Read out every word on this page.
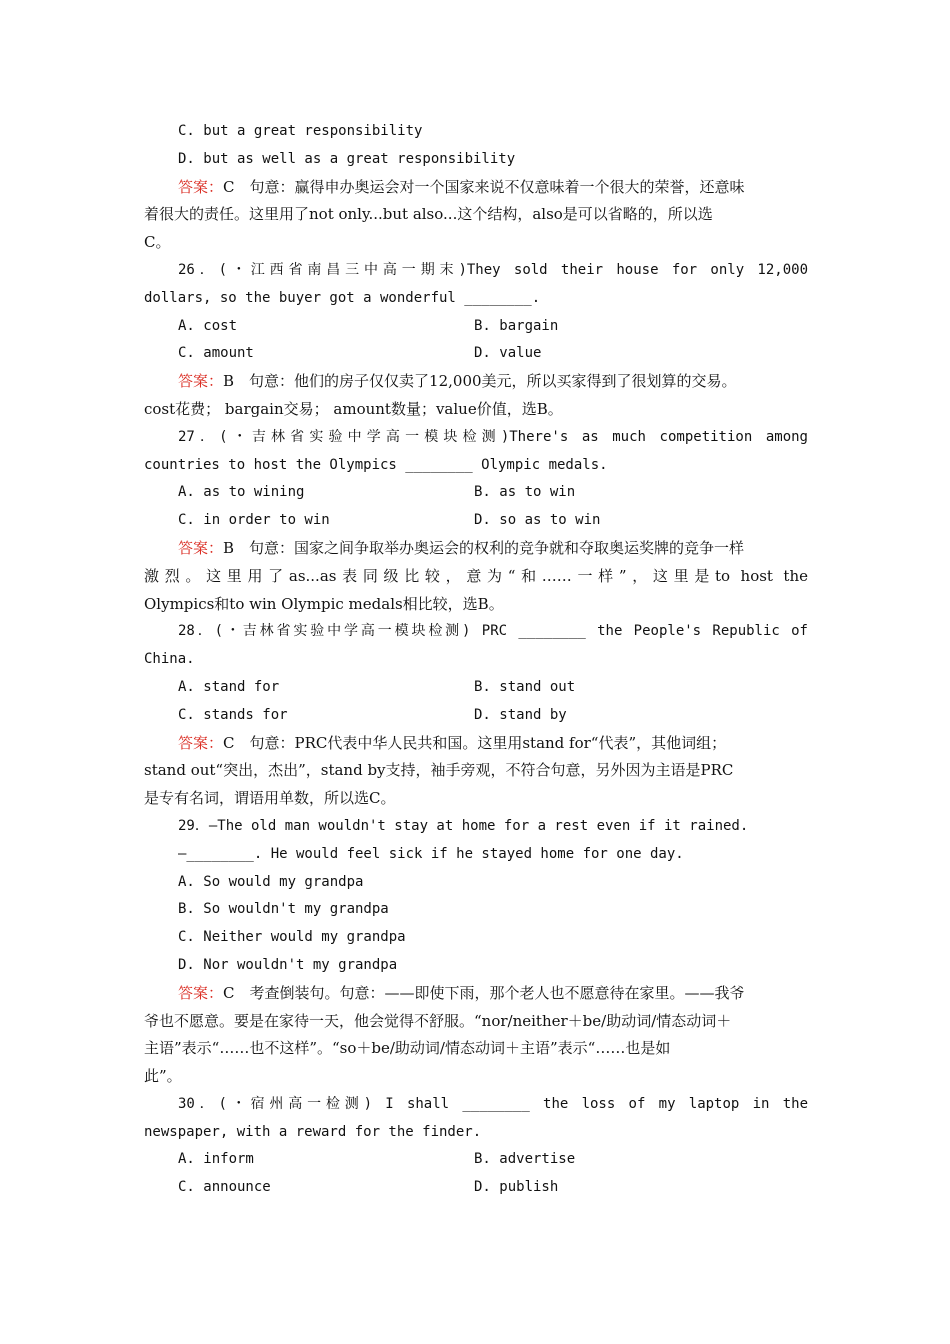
C. but a great responsibility
D. but as well as a great responsibility
答案：C　句意：赢得申办奥运会对一个国家来说不仅意味着一个很大的荣誉，还意味
着很大的责任。这里用了not only...but also...这个结构，also是可以省略的，所以选
C。
26．(・江西省南昌三中高一期末)They sold their house for only 12,000
dollars, so the buyer got a wonderful ________.
A. cost	B. bargain
C. amount	D. value
答案：B　句意：他们的房子仅仅卖了12,000美元，所以买家得到了很划算的交易。
cost花费； bargain交易； amount数量；value价值，选B。
27．(・吉林省实验中学高一模块检测)There's as much competition among
countries to host the Olympics ________ Olympic medals.
A. as to wining	B. as to win
C. in order to win	D. so as to win
答案：B　句意：国家之间争取举办奥运会的权利的竞争就和夺取奥运奖牌的竞争一样
激烈。这里用了as...as表同级比较，意为“和……一样”，这里是to host the
Olympics和to win Olympic medals相比较，选B。
28．(・吉林省实验中学高一模块检测) PRC ________ the People's Republic of
China.
A. stand for	B. stand out
C. stands for	D. stand by
答案：C　句意：PRC代表中华人民共和国。这里用stand for“代表”，其他词组；
stand out“突出，杰出”，stand by支持，袖手旁观，不符合句意，另外因为主语是PRC
是专有名词，谓语用单数，所以选C。
29．—The old man wouldn't stay at home for a rest even if it rained.
—________. He would feel sick if he stayed home for one day.
A. So would my grandpa
B. So wouldn't my grandpa
C. Neither would my grandpa
D. Nor wouldn't my grandpa
答案：C　考查倒装句。句意：——即使下雨，那个老人也不愿意待在家里。——我爷
爷也不愿意。要是在家待一天，他会觉得不舒服。“nor/neither＋be/助动词/情态动词＋
主语”表示“……也不这样”。“so＋be/助动词/情态动词＋主语”表示“……也是如
此”。
30．(・宿州高一检测) I shall ________ the loss of my laptop in the
newspaper, with a reward for the finder.
A. inform	B. advertise
C. announce	D. publish
